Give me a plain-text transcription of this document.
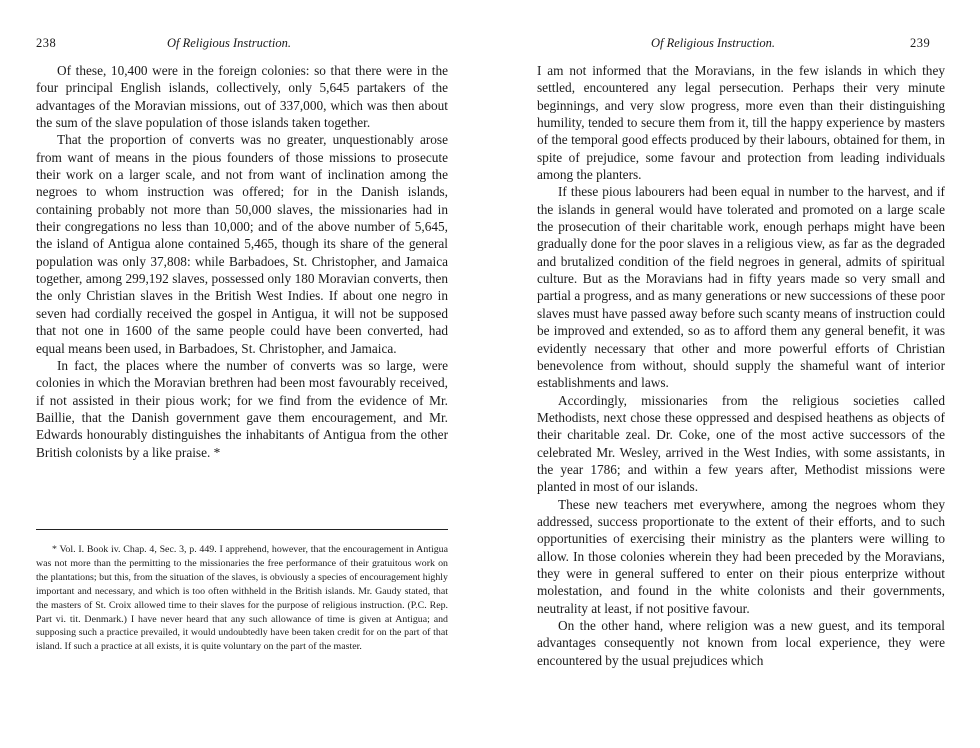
238	Of Religious Instruction.

Of these, 10,400 were in the foreign colonies: so that there were in the four principal English islands, collectively, only 5,645 partakers of the advantages of the Moravian missions, out of 337,000, which was then about the sum of the slave population of those islands taken together.

That the proportion of converts was no greater, unquestionably arose from want of means in the pious founders of those missions to prosecute their work on a larger scale, and not from want of inclination among the negroes to whom instruction was offered; for in the Danish islands, containing probably not more than 50,000 slaves, the missionaries had in their congregations no less than 10,000; and of the above number of 5,645, the island of Antigua alone contained 5,465, though its share of the general population was only 37,808: while Barbadoes, St. Christopher, and Jamaica together, among 299,192 slaves, possessed only 180 Moravian converts, then the only Christian slaves in the British West Indies. If about one negro in seven had cordially received the gospel in Antigua, it will not be supposed that not one in 1600 of the same people could have been converted, had equal means been used, in Barbadoes, St. Christopher, and Jamaica.

In fact, the places where the number of converts was so large, were colonies in which the Moravian brethren had been most favourably received, if not assisted in their pious work; for we find from the evidence of Mr. Baillie, that the Danish government gave them encouragement, and Mr. Edwards honourably distinguishes the inhabitants of Antigua from the other British colonists by a like praise. *

* Vol. I. Book iv. Chap. 4, Sec. 3, p. 449. I apprehend, however, that the encouragement in Antigua was not more than the permitting to the missionaries the free performance of their gratuitous work on the plantations; but this, from the situation of the slaves, is obviously a species of encouragement highly important and necessary, and which is too often withheld in the British islands. Mr. Gaudy stated, that the masters of St. Croix allowed time to their slaves for the purpose of religious instruction. (P.C. Rep. Part vi. tit. Denmark.) I have never heard that any such allowance of time is given at Antigua; and supposing such a practice prevailed, it would undoubtedly have been taken credit for on the part of that island. If such a practice at all exists, it is quite voluntary on the part of the master.

Of Religious Instruction.	239

I am not informed that the Moravians, in the few islands in which they settled, encountered any legal persecution. Perhaps their very minute beginnings, and very slow progress, more even than their distinguishing humility, tended to secure them from it, till the happy experience by masters of the temporal good effects produced by their labours, obtained for them, in spite of prejudice, some favour and protection from leading individuals among the planters.

If these pious labourers had been equal in number to the harvest, and if the islands in general would have tolerated and promoted on a large scale the prosecution of their charitable work, enough perhaps might have been gradually done for the poor slaves in a religious view, as far as the degraded and brutalized condition of the field negroes in general, admits of spiritual culture. But as the Moravians had in fifty years made so very small and partial a progress, and as many generations or new successions of these poor slaves must have passed away before such scanty means of instruction could be improved and extended, so as to afford them any general benefit, it was evidently necessary that other and more powerful efforts of Christian benevolence from without, should supply the shameful want of interior establishments and laws.

Accordingly, missionaries from the religious societies called Methodists, next chose these oppressed and despised heathens as objects of their charitable zeal. Dr. Coke, one of the most active successors of the celebrated Mr. Wesley, arrived in the West Indies, with some assistants, in the year 1786; and within a few years after, Methodist missions were planted in most of our islands.

These new teachers met everywhere, among the negroes whom they addressed, success proportionate to the extent of their efforts, and to such opportunities of exercising their ministry as the planters were willing to allow. In those colonies wherein they had been preceded by the Moravians, they were in general suffered to enter on their pious enterprize without molestation, and found in the white colonists and their governments, neutrality at least, if not positive favour.

On the other hand, where religion was a new guest, and its temporal advantages consequently not known from local experience, they were encountered by the usual prejudices which
